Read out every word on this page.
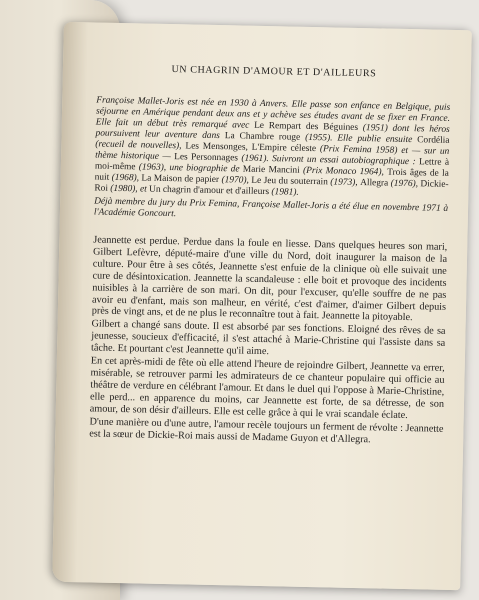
UN CHAGRIN D'AMOUR ET D'AILLEURS

Françoise Mallet-Joris est née en 1930 à Anvers. Elle passe son enfance en Belgique, puis séjourne en Amérique pendant deux ans et y achève ses études avant de se fixer en France. Elle fait un début très remarqué avec Le Rempart des Béguines (1951) dont les héros poursuivent leur aventure dans La Chambre rouge (1955). Elle publie ensuite Cordélia (recueil de nouvelles), Les Mensonges, L'Empire céleste (Prix Femina 1958) et — sur un thème historique — Les Personnages (1961). Suivront un essai autobiographique : Lettre à moi-même (1963), une biographie de Marie Mancini (Prix Monaco 1964), Trois âges de la nuit (1968), La Maison de papier (1970), Le Jeu du souterrain (1973), Allegra (1976), Dickie-Roi (1980), et Un chagrin d'amour et d'ailleurs (1981).

Déjà membre du jury du Prix Femina, Françoise Mallet-Joris a été élue en novembre 1971 à l'Académie Goncourt.

Jeannette est perdue. Perdue dans la foule en liesse. Dans quelques heures son mari, Gilbert Lefèvre, député-maire d'une ville du Nord, doit inaugurer la maison de la culture. Pour être à ses côtés, Jeannette s'est enfuie de la clinique où elle suivait une cure de désintoxication. Jeannette la scandaleuse : elle boit et provoque des incidents nuisibles à la carrière de son mari. On dit, pour l'excuser, qu'elle souffre de ne pas avoir eu d'enfant, mais son malheur, en vérité, c'est d'aimer, d'aimer Gilbert depuis près de vingt ans, et de ne plus le reconnaître tout à fait. Jeannette la pitoyable.

Gilbert a changé sans doute. Il est absorbé par ses fonctions. Eloigné des rêves de sa jeunesse, soucieux d'efficacité, il s'est attaché à Marie-Christine qui l'assiste dans sa tâche. Et pourtant c'est Jeannette qu'il aime.

En cet après-midi de fête où elle attend l'heure de rejoindre Gilbert, Jeannette va errer, misérable, se retrouver parmi les admirateurs de ce chanteur populaire qui officie au théâtre de verdure en célébrant l'amour. Et dans le duel qui l'oppose à Marie-Christine, elle perd... en apparence du moins, car Jeannette est forte, de sa détresse, de son amour, de son désir d'ailleurs. Elle est celle grâce à qui le vrai scandale éclate.

D'une manière ou d'une autre, l'amour recèle toujours un ferment de révolte : Jeannette est la sœur de Dickie-Roi mais aussi de Madame Guyon et d'Allegra.
